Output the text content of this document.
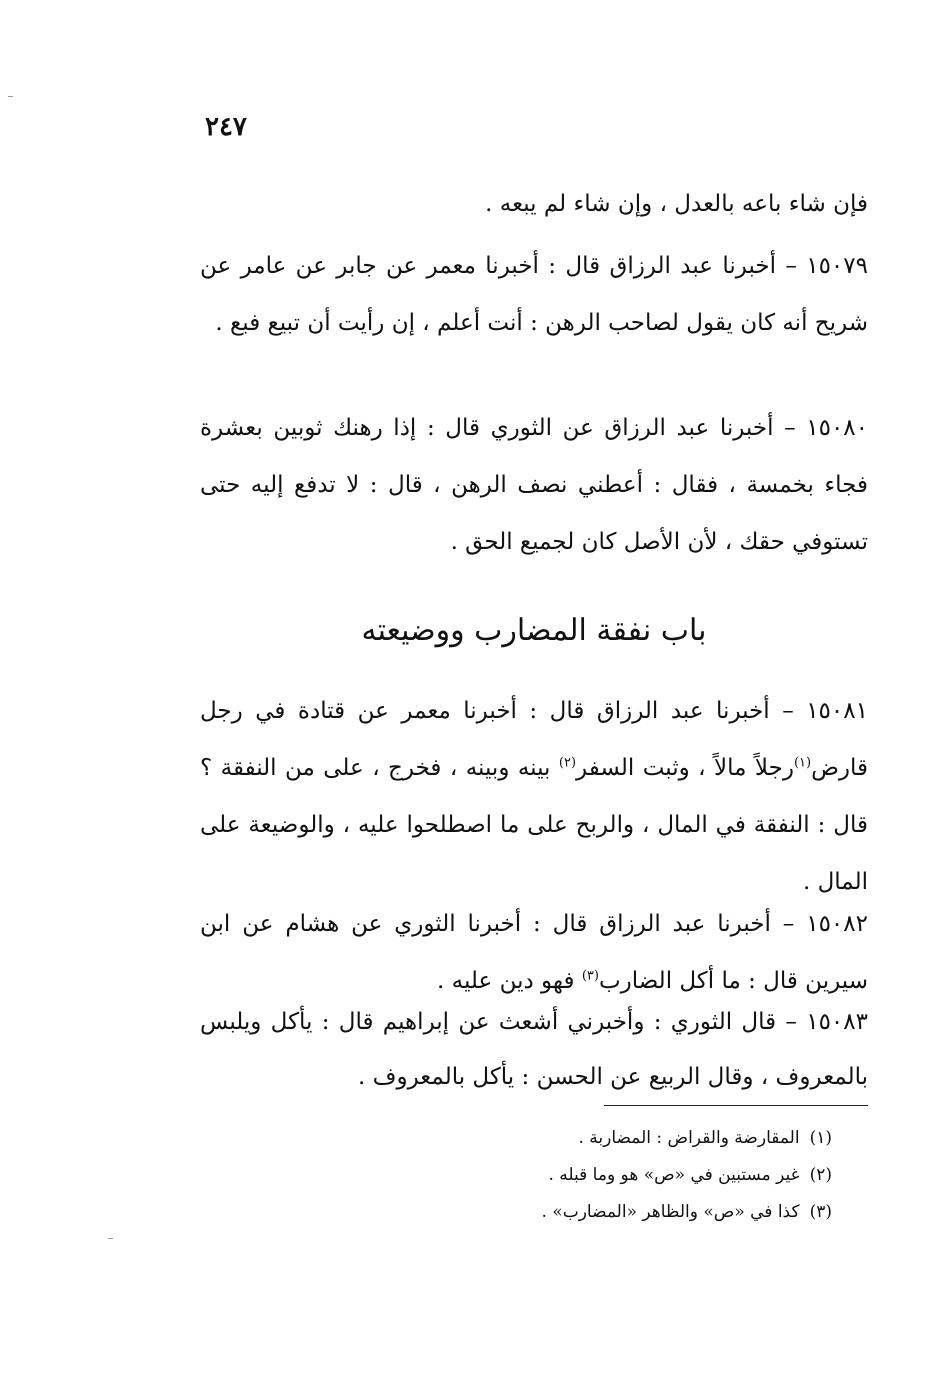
٢٤٧
فإن شاء باعه بالعدل ، وإن شاء لم يبعه .
١٥٠٧٩ – أخبرنا عبد الرزاق قال : أخبرنا معمر عن جابر عن عامر عن شريح أنه كان يقول لصاحب الرهن : أنت أعلم ، إن رأيت أن تبيع فبع .
١٥٠٨٠ – أخبرنا عبد الرزاق عن الثوري قال : إذا رهنك ثوبين بعشرة فجاء بخمسة ، فقال : أعطني نصف الرهن ، قال : لا تدفع إليه حتى تستوفي حقك ، لأن الأصل كان لجميع الحق .
باب نفقة المضارب ووضيعته
١٥٠٨١ – أخبرنا عبد الرزاق قال : أخبرنا معمر عن قتادة في رجل قارض$^{(١)}$رجلاً مالاً ، وثبت السفر$^{(٢)}$ بينه وبينه ، فخرج ، على من النفقة ؟ قال : النفقة في المال ، والربح على ما اصطلحوا عليه ، والوضيعة على المال .
١٥٠٨٢ – أخبرنا عبد الرزاق قال : أخبرنا الثوري عن هشام عن ابن سيرين قال : ما أكل الضارب$^{(٣)}$ فهو دين عليه .
١٥٠٨٣ – قال الثوري : وأخبرني أشعث عن إبراهيم قال : يأكل ويلبس بالمعروف ، وقال الربيع عن الحسن : يأكل بالمعروف .
(١)المقارضة والقراض : المضاربة .
(٢)غير مستبين في «ص» هو وما قبله .
(٣)كذا في «ص» والظاهر «المضارب» .
